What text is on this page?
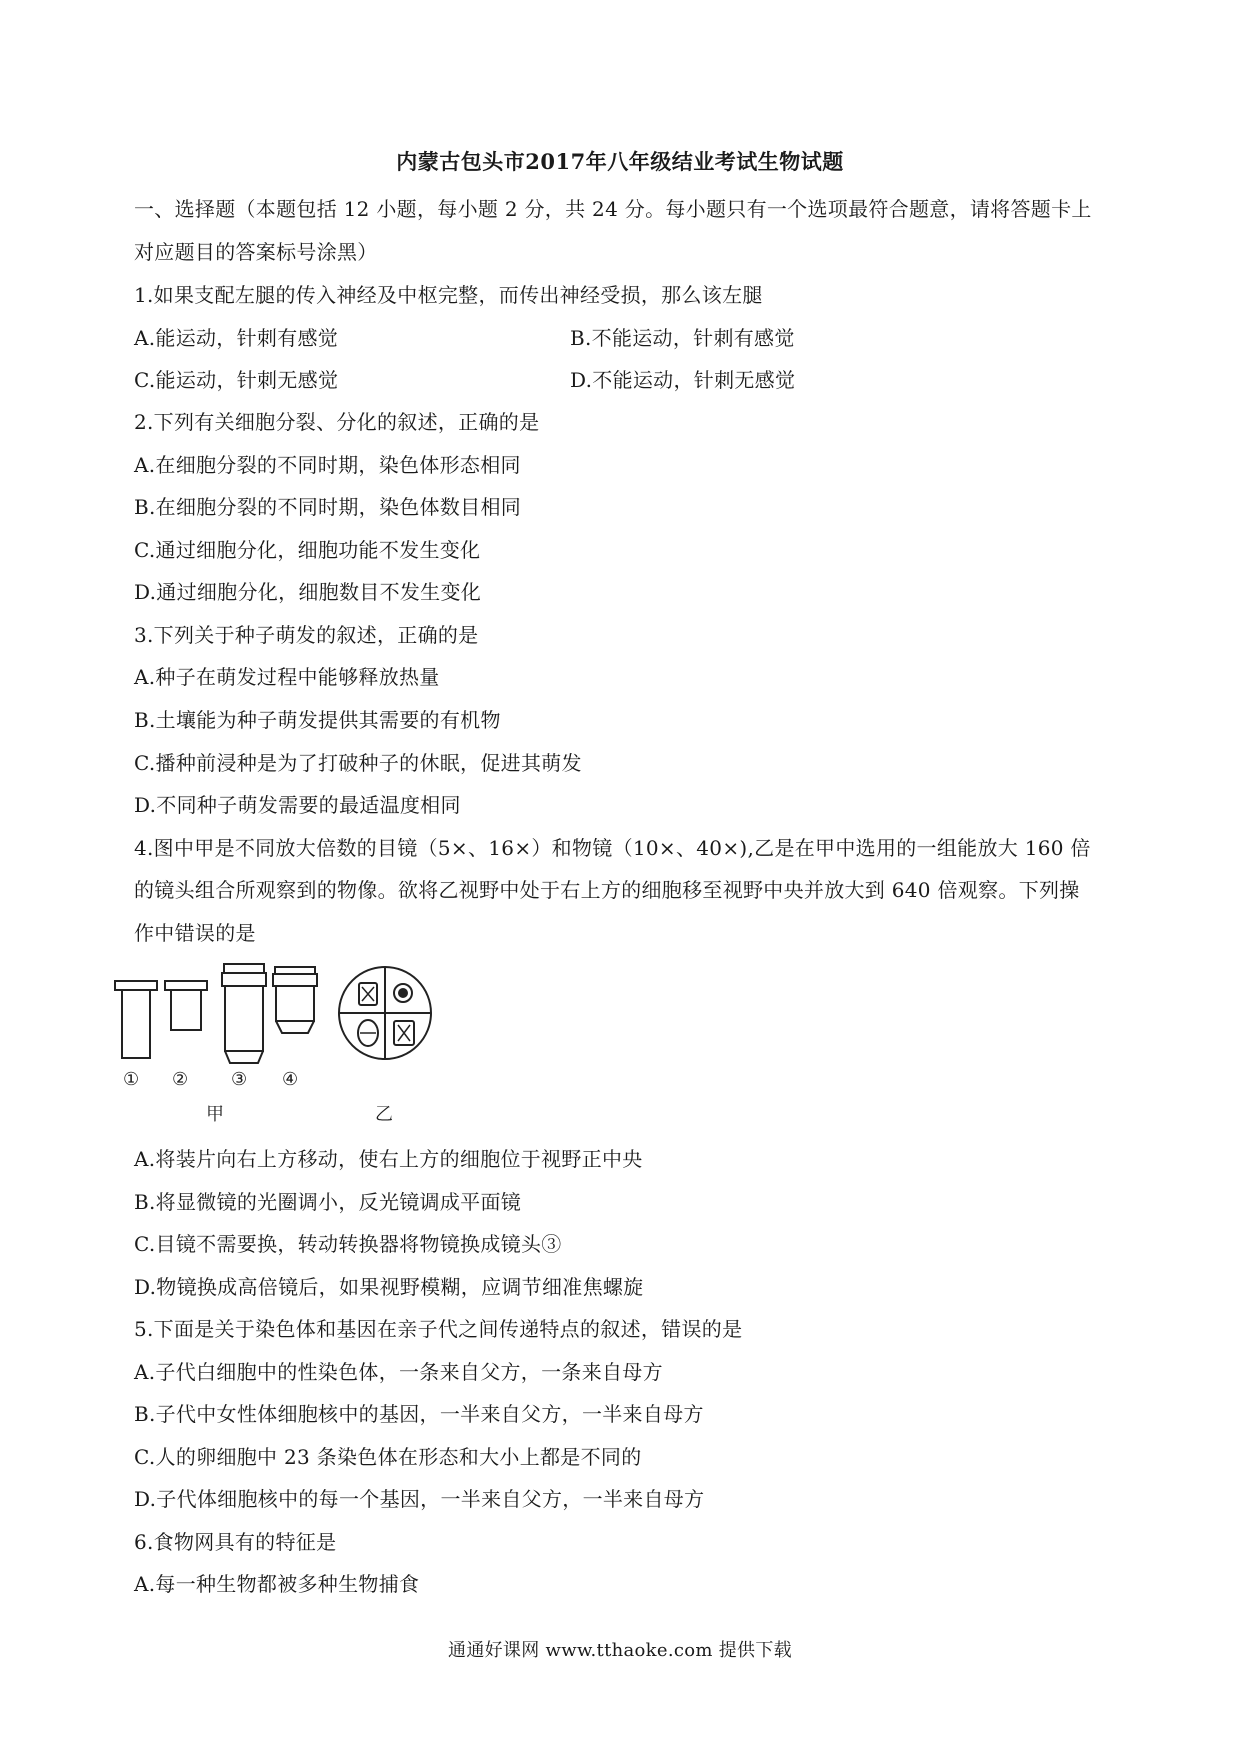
内蒙古包头市2017年八年级结业考试生物试题
一、选择题（本题包括 12 小题，每小题 2 分，共 24 分。每小题只有一个选项最符合题意，请将答题卡上
对应题目的答案标号涂黑）
1.如果支配左腿的传入神经及中枢完整，而传出神经受损，那么该左腿
A.能运动，针刺有感觉	B.不能运动，针刺有感觉
C.能运动，针刺无感觉	D.不能运动，针刺无感觉
2.下列有关细胞分裂、分化的叙述，正确的是
A.在细胞分裂的不同时期，染色体形态相同
B.在细胞分裂的不同时期，染色体数目相同
C.通过细胞分化，细胞功能不发生变化
D.通过细胞分化，细胞数目不发生变化
3.下列关于种子萌发的叙述，正确的是
A.种子在萌发过程中能够释放热量
B.土壤能为种子萌发提供其需要的有机物
C.播种前浸种是为了打破种子的休眠，促进其萌发
D.不同种子萌发需要的最适温度相同
4.图中甲是不同放大倍数的目镜（5×、16×）和物镜（10×、40×),乙是在甲中选用的一组能放大 160 倍
的镜头组合所观察到的物像。欲将乙视野中处于右上方的细胞移至视野中央并放大到 640 倍观察。下列操
作中错误的是
① ② ③ ④
甲	乙
A.将装片向右上方移动，使右上方的细胞位于视野正中央
B.将显微镜的光圈调小，反光镜调成平面镜
C.目镜不需要换，转动转换器将物镜换成镜头③
D.物镜换成高倍镜后，如果视野模糊，应调节细准焦螺旋
5.下面是关于染色体和基因在亲子代之间传递特点的叙述，错误的是
A.子代白细胞中的性染色体，一条来自父方，一条来自母方
B.子代中女性体细胞核中的基因，一半来自父方，一半来自母方
C.人的卵细胞中 23 条染色体在形态和大小上都是不同的
D.子代体细胞核中的每一个基因，一半来自父方，一半来自母方
6.食物网具有的特征是
A.每一种生物都被多种生物捕食
通通好课网 www.tthaoke.com 提供下载
